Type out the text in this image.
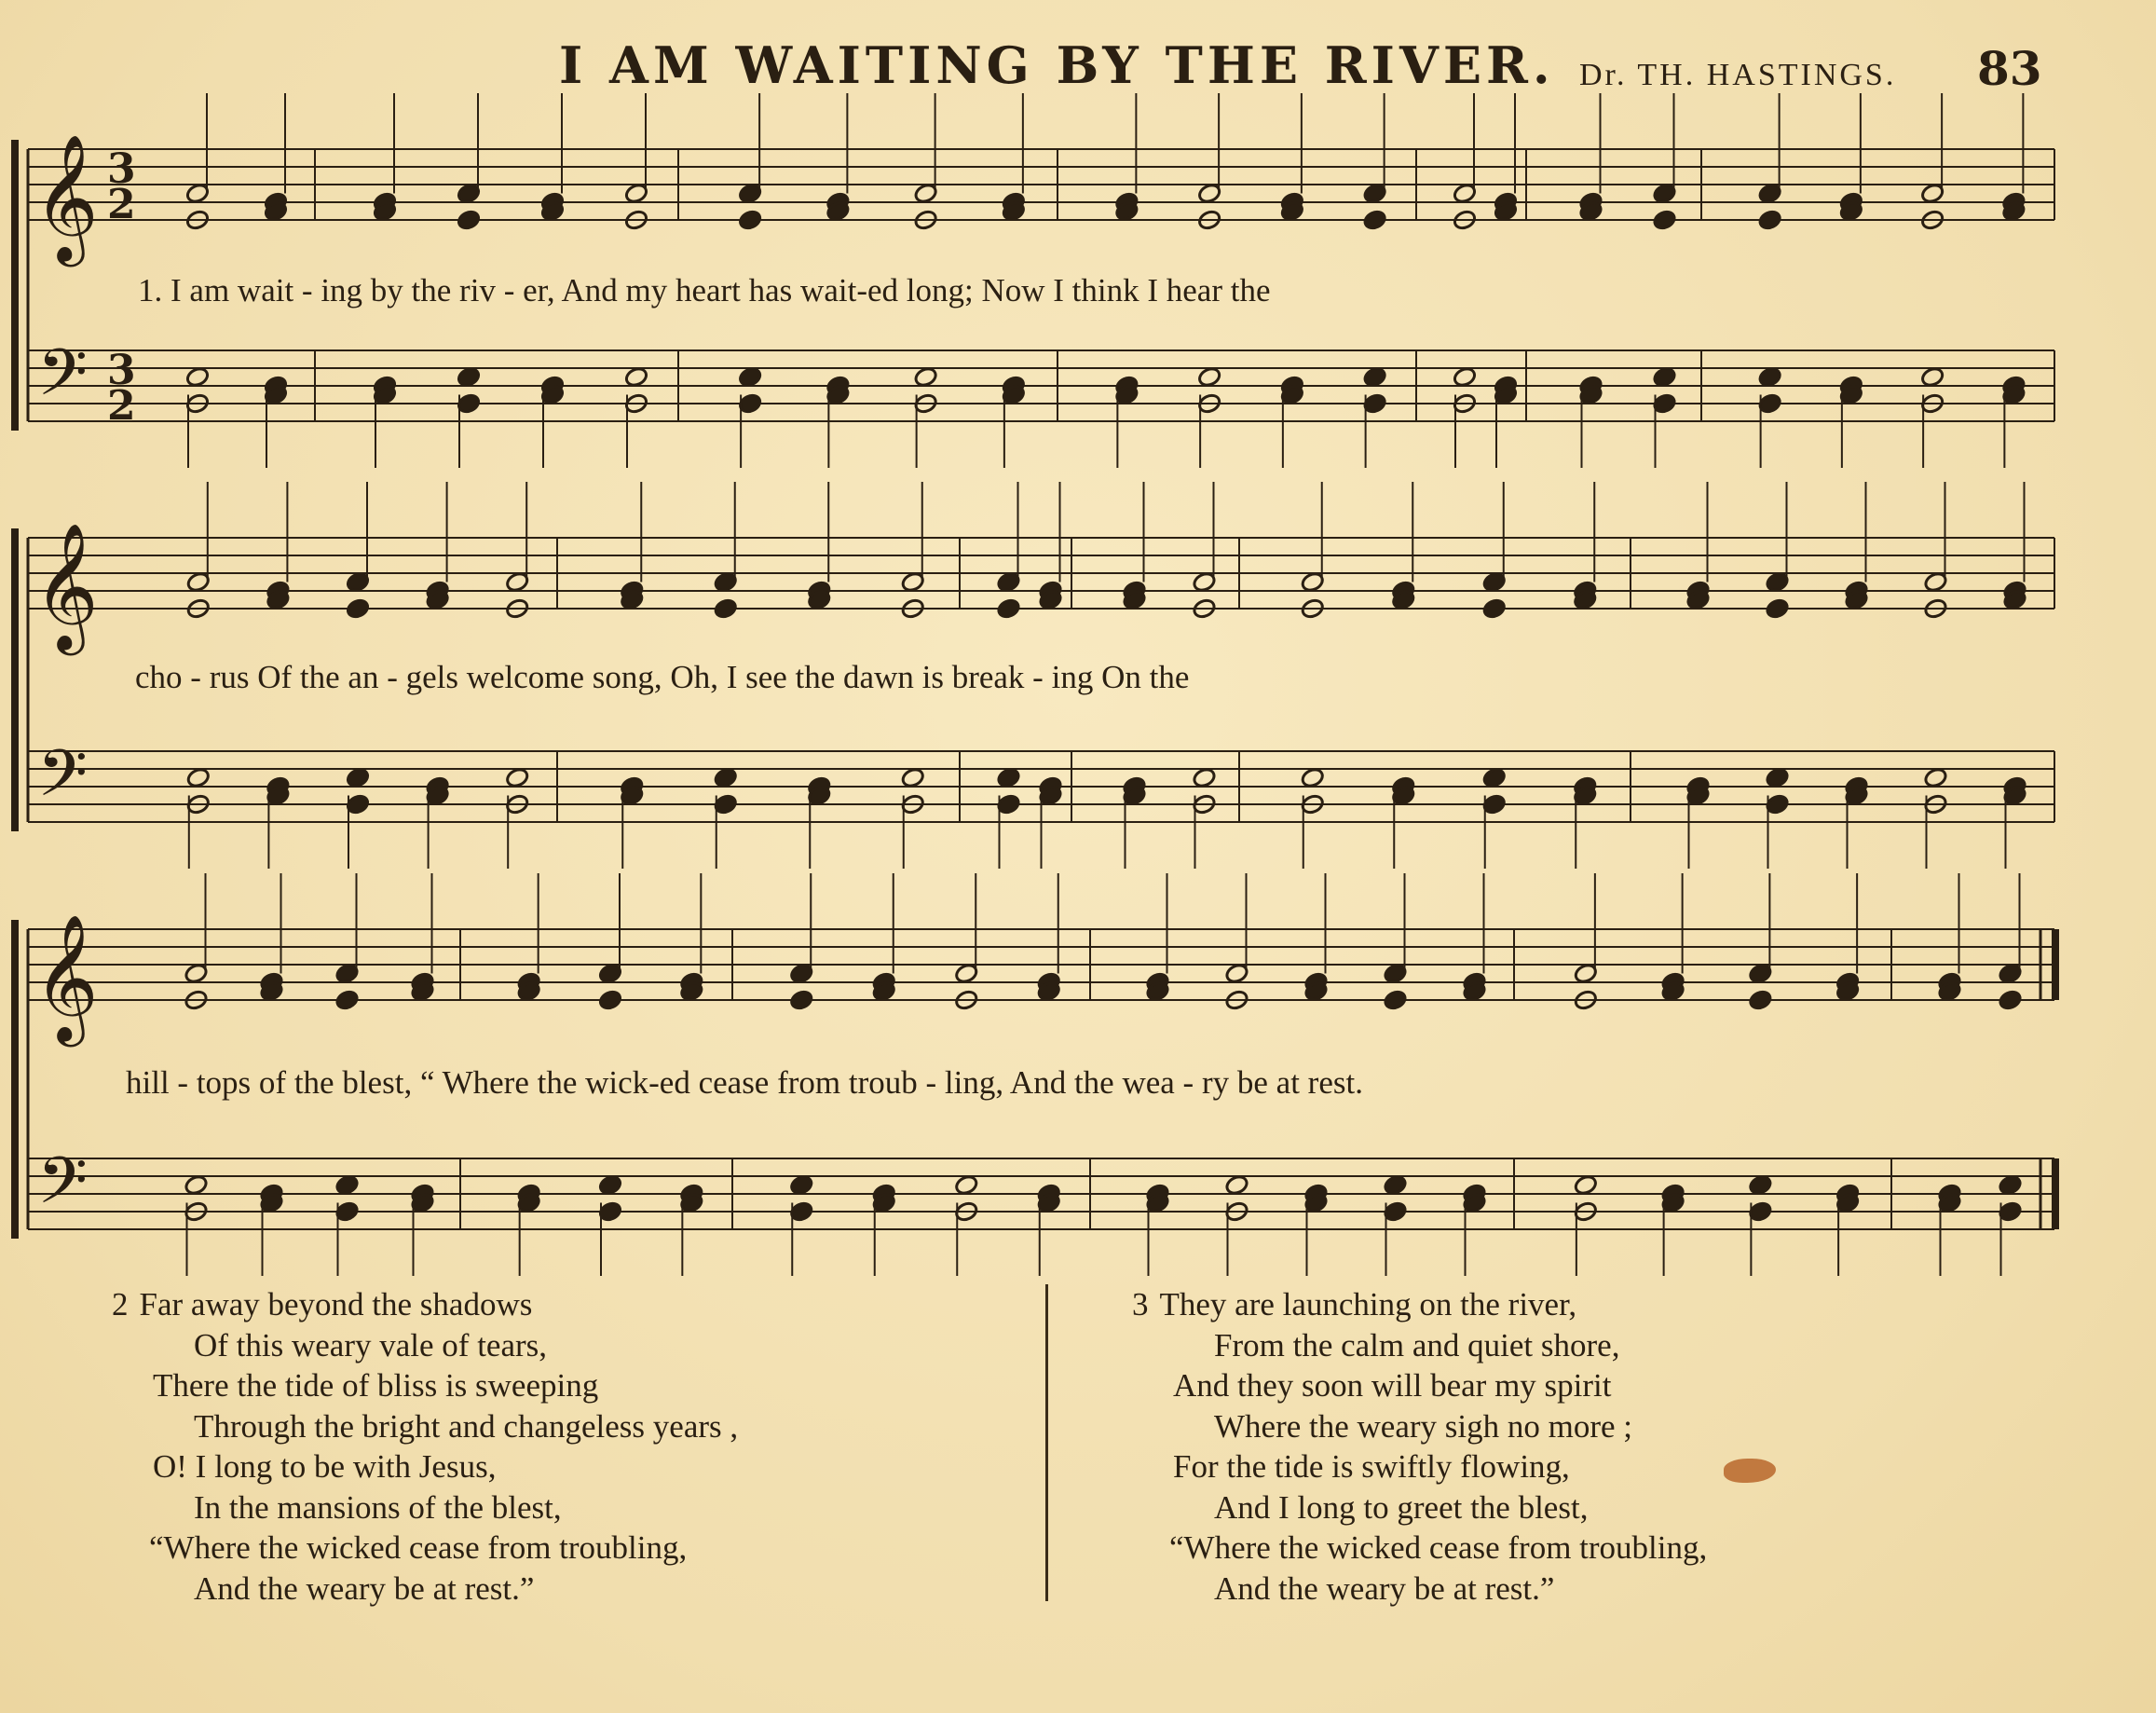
I AM WAITING BY THE RIVER. Dr. TH. HASTINGS. 83
𝄞 3
2
𝄢 3
2
𝄞
𝄢
𝄞
𝄢
1. I am wait - ing by the riv - er, And my heart has wait-ed long; Now I think I hear the
cho - rus Of the an - gels welcome song, Oh, I see the dawn is break - ing On the
hill - tops of the blest, “ Where the wick-ed cease from troub - ling, And the wea - ry be at rest.
2 Far away beyond the shadows
Of this weary vale of tears,
There the tide of bliss is sweeping
Through the bright and changeless years ,
O! I long to be with Jesus,
In the mansions of the blest,
“Where the wicked cease from troubling,
And the weary be at rest.”
3 They are launching on the river,
From the calm and quiet shore,
And they soon will bear my spirit
Where the weary sigh no more ;
For the tide is swiftly flowing,
And I long to greet the blest,
“Where the wicked cease from troubling,
And the weary be at rest.”
